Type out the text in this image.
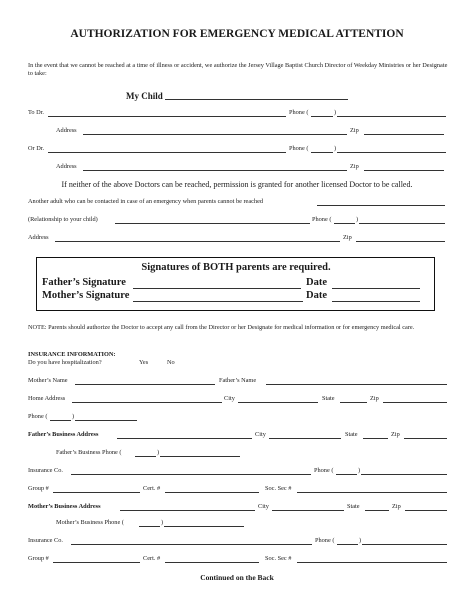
AUTHORIZATION FOR EMERGENCY MEDICAL ATTENTION
In the event that we cannot be reached at a time of illness or accident, we authorize the Jersey Village Baptist Church Director of Weekday Ministries or her Designate to take:
My Child
To Dr.	Phone (	)
Address	Zip
Or Dr.	Phone (	)
Address	Zip
If neither of the above Doctors can be reached, permission is granted for another licensed Doctor to be called.
Another adult who can be contacted in case of an emergency when parents cannot be reached
(Relationship to your child)	Phone (	)
Address	Zip
Signatures of BOTH parents are required.
Father’s Signature	Date
Mother’s Signature	Date
NOTE: Parents should authorize the Doctor to accept any call from the Director or her Designate for medical information or for emergency medical care.
INSURANCE INFORMATION:
Do you have hospitalization?	Yes	No
Mother’s Name	Father’s Name
Home Address	City	State	Zip
Phone (	)
Father’s Business Address	City	State	Zip
Father’s Business Phone (	)
Insurance Co.	Phone (	)
Group #	Cert. #	Soc. Sec #
Mother’s Business Address	City	State	Zip
Mother’s Business Phone (	)
Insurance Co.	Phone (	)
Group #	Cert. #	Soc. Sec #
Continued on the Back
